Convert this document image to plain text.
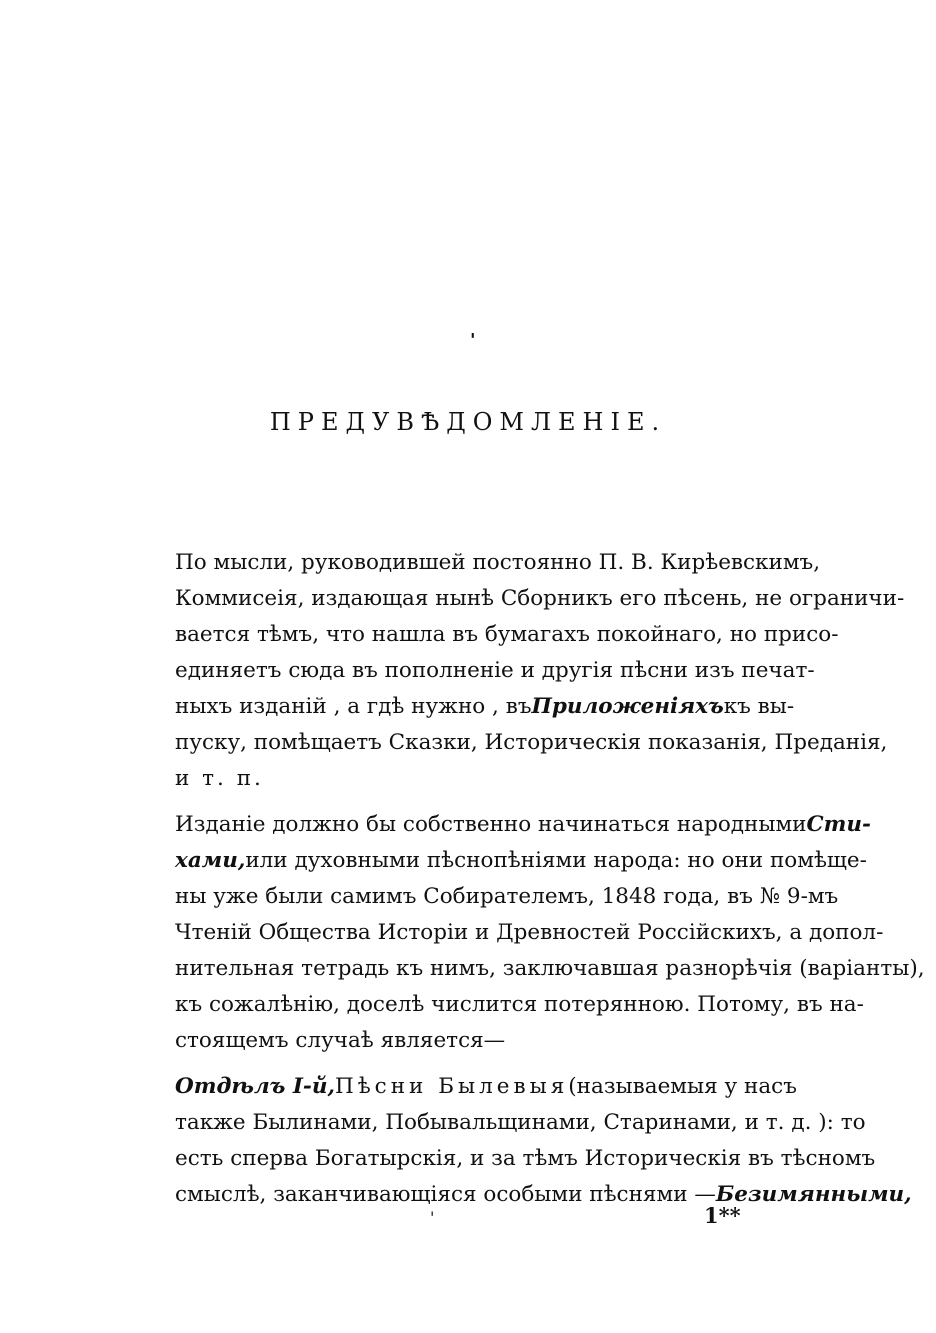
'
ПРЕДУВѢДОМЛЕНІЕ.
По мысли, руководившей постоянно П. В. Кирѣевскимъ,
Коммисеія, издающая нынѣ Сборникъ его пѣсень, не ограничи-
вается тѣмъ, что нашла въ бумагахъ покойнаго, но присо-
единяетъ сюда въ пополненіе и другія пѣсни изъ печат-
ныхъ изданій , а гдѣ нужно , въ Приложеніяхъ къ вы-
пуску, помѣщаетъ Сказки, Историческія показанія, Преданія,
и т. п.
Изданіе должно бы собственно начинаться народными Сти-
хами, или духовными пѣснопѣніями народа: но они помѣще-
ны уже были самимъ Собирателемъ, 1848 года, въ № 9-мъ
Чтеній Общества Исторіи и Древностей Россійскихъ, а допол-
нительная тетрадь къ нимъ, заключавшая разнорѣчія (варіанты),
къ сожалѣнію, доселѣ числится потерянною. Потому, въ на-
стоящемъ случаѣ является—
Отдѣлъ I-й, Пѣсни Былевыя (называемыя у насъ
также Былинами, Побывальщинами, Старинами, и т. д. ): то
есть сперва Богатырскія, и за тѣмъ Историческія въ тѣсномъ
смыслѣ, заканчивающіяся особыми пѣснями — Безимянными,
'	1**
